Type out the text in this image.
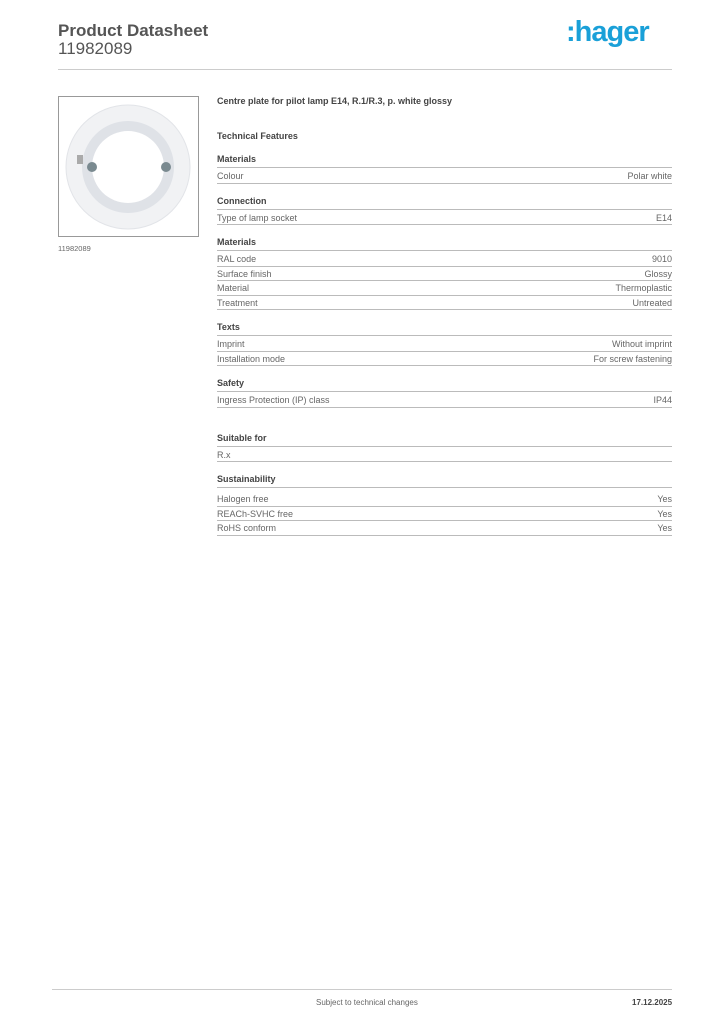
Product Datasheet
11982089
:hager
11982089
Centre plate for pilot lamp E14, R.1/R.3, p. white glossy
Technical Features
Materials
Colour	Polar white
Connection
Type of lamp socket	E14
Materials
RAL code	9010
Surface finish	Glossy
Material	Thermoplastic
Treatment	Untreated
Texts
Imprint	Without imprint
Installation mode	For screw fastening
Safety
Ingress Protection (IP) class	IP44
Suitable for
R.x
Sustainability
Halogen free	Yes
REACh-SVHC free	Yes
RoHS conform	Yes
Subject to technical changes	17.12.2025
